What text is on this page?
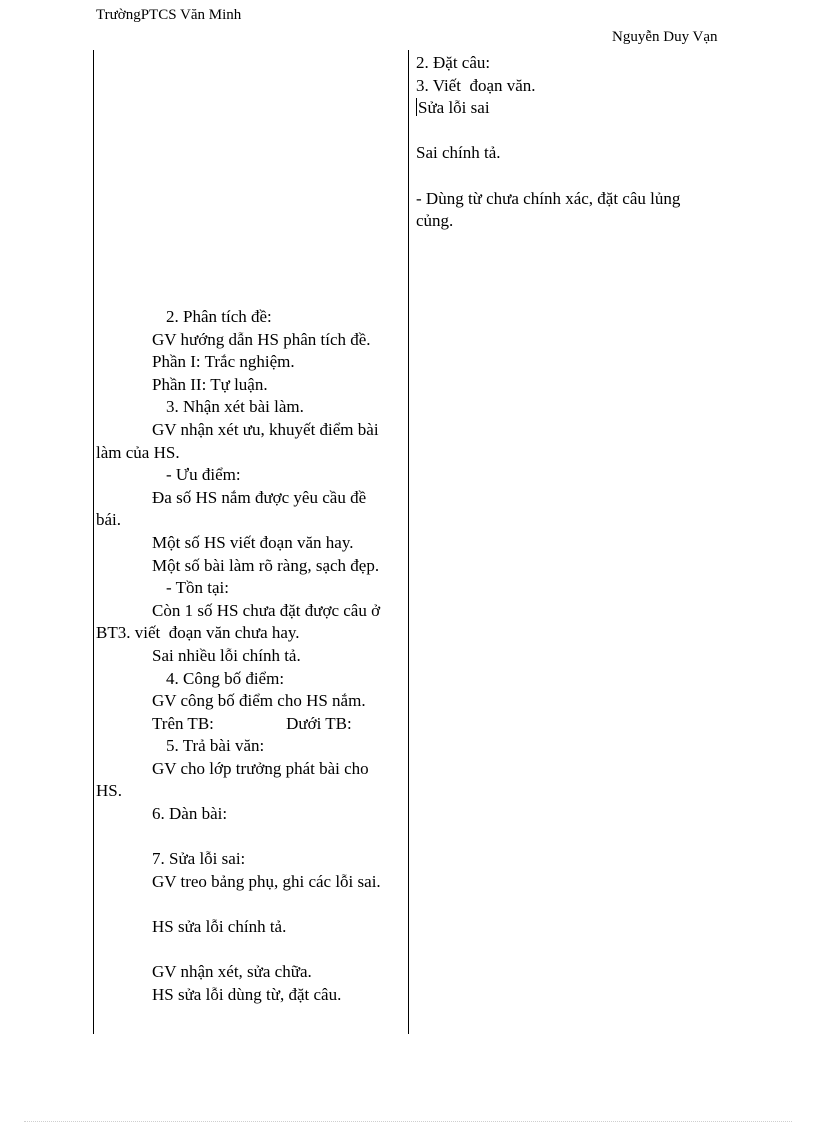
TrườngPTCS Văn Minh
Nguyễn Duy Vạn
2. Phân tích đề:
GV hướng dẫn HS phân tích đề.
Phần I: Trắc nghiệm.
Phần II: Tự luận.
3. Nhận xét bài làm.
GV nhận xét ưu, khuyết điểm bài
làm của HS.
- Ưu điểm:
Đa số HS nắm được yêu cầu đề
bái.
Một số HS viết đoạn văn hay.
Một số bài làm rõ ràng, sạch đẹp.
- Tồn tại:
Còn 1 số HS chưa đặt được câu ở
BT3. viết  đoạn văn chưa hay.
Sai nhiều lỗi chính tả.
4. Công bố điểm:
GV công bố điểm cho HS nắm.
Trên TB:                 Dưới TB:
5. Trả bài văn:
GV cho lớp trưởng phát bài cho
HS.
6. Dàn bài:
7. Sửa lỗi sai:
GV treo bảng phụ, ghi các lỗi sai.
HS sửa lỗi chính tả.
GV nhận xét, sửa chữa.
HS sửa lỗi dùng từ, đặt câu.
2. Đặt câu:
3. Viết  đoạn văn.
Sửa lỗi sai
Sai chính tả.
- Dùng từ chưa chính xác, đặt câu lủng
củng.
